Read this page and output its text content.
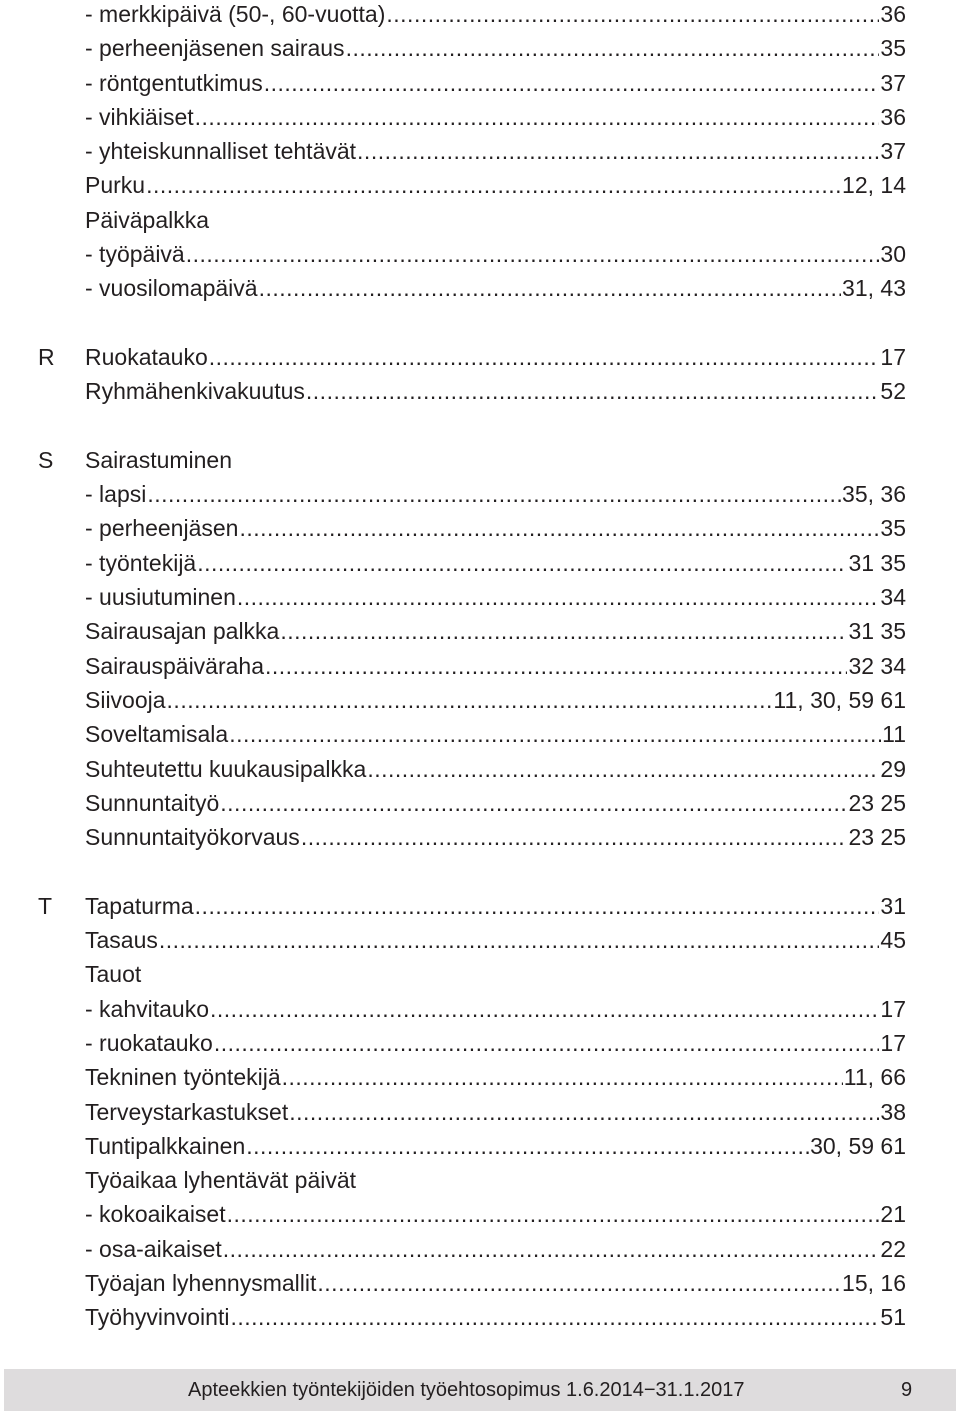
- merkkipäivä (50-, 60-vuotta) .....	36
- perheenjäsenen sairaus .....	35
- röntgentutkimus .....	37
- vihkiäiset .....	36
- yhteiskunnalliset tehtävät .....	37
Purku .....	12, 14
Päiväpalkka
- työpäivä .....	30
- vuosilomapäivä .....	31, 43
R Ruokatauko .....	17
Ryhmähenkivakuutus .....	52
S Sairastuminen
- lapsi .....	35, 36
- perheenjäsen .....	35
- työntekijä .....	31 35
- uusiutuminen .....	34
Sairausajan palkka .....	31 35
Sairauspäiväraha .....	32 34
Siivooja .....	11, 30, 59 61
Soveltamisala .....	11
Suhteutettu kuukausipalkka .....	29
Sunnuntaityö .....	23 25
Sunnuntaityökorvaus .....	23 25
T Tapaturma .....	31
Tasaus .....	45
Tauot
- kahvitauko .....	17
- ruokatauko .....	17
Tekninen työntekijä .....	11, 66
Terveystarkastukset .....	38
Tuntipalkkainen .....	30, 59 61
Työaikaa lyhentävät päivät
- kokoaikaiset .....	21
- osa-aikaiset .....	22
Työajan lyhennysmallit .....	15, 16
Työhyvinvointi .....	51
Apteekkien työntekijöiden työehtosopimus 1.6.2014−31.1.2017	9
